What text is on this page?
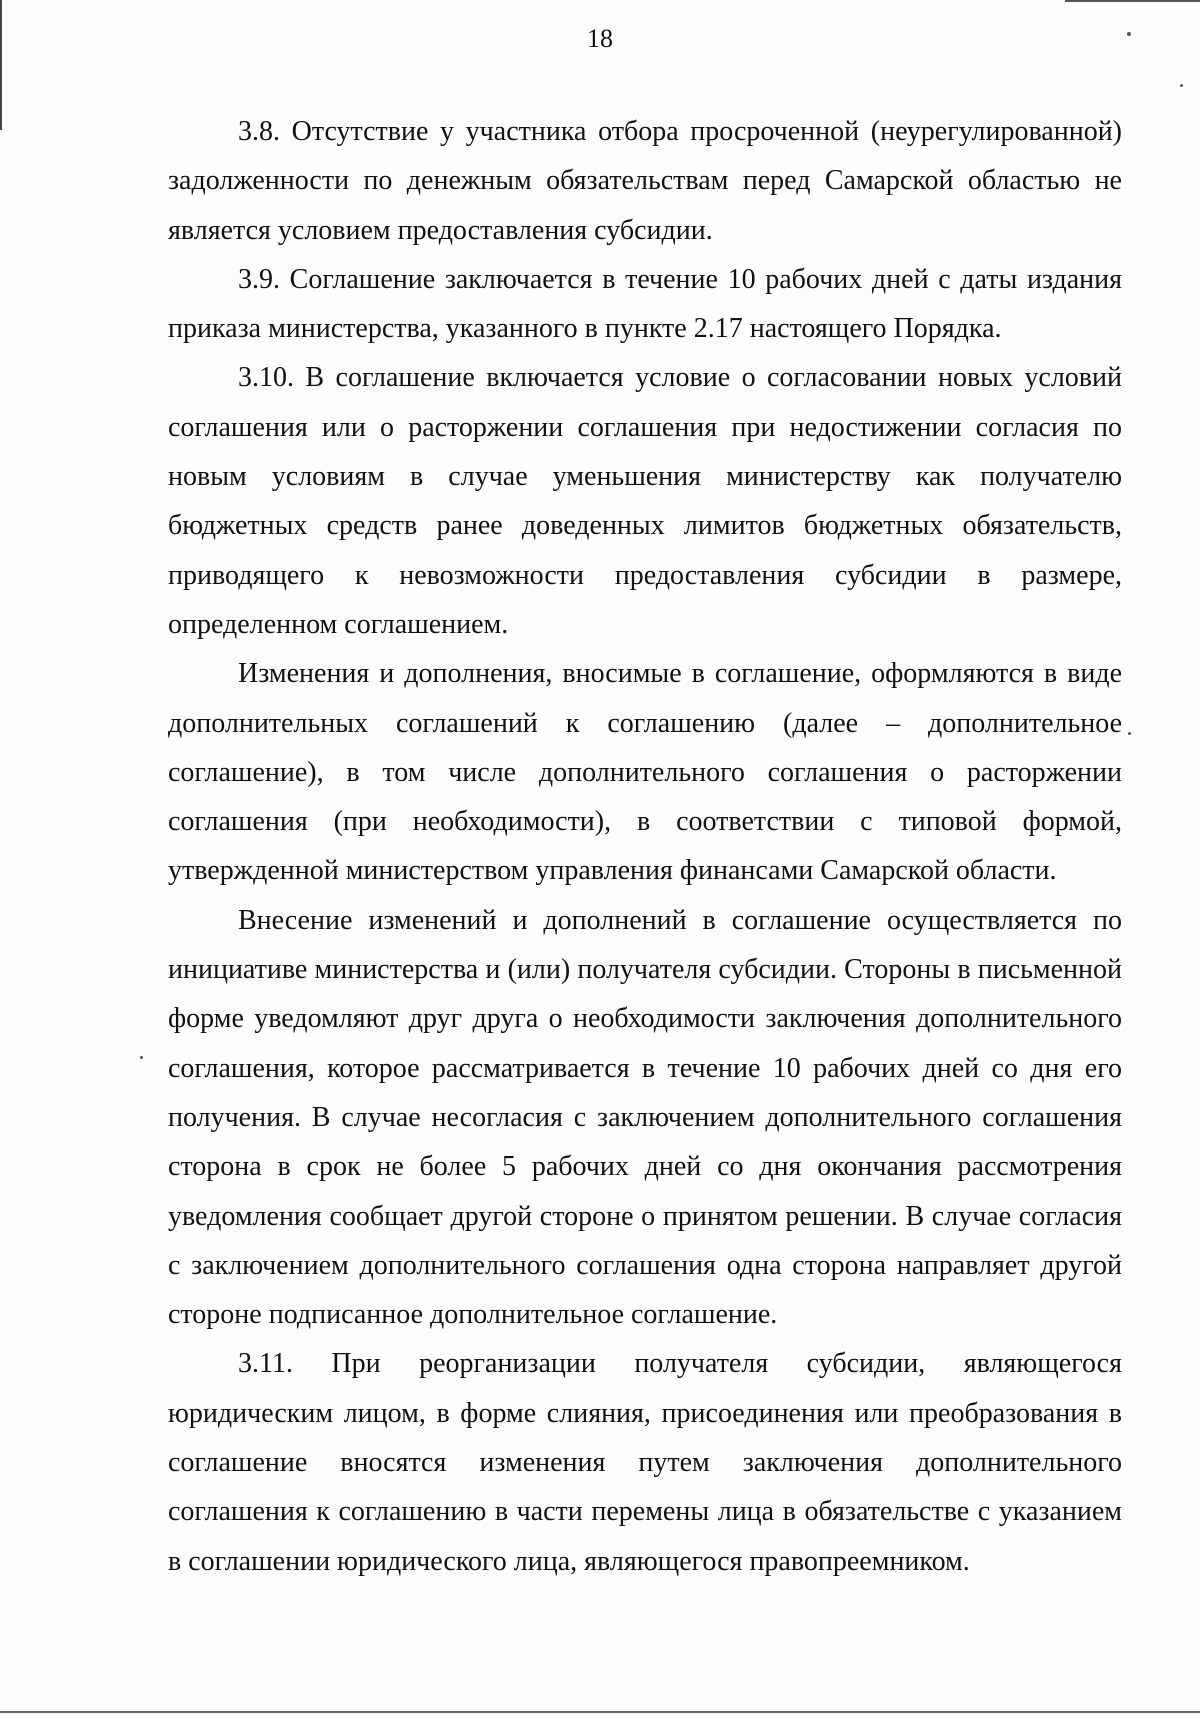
18

3.8. Отсутствие у участника отбора просроченной (неурегулированной) задолженности по денежным обязательствам перед Самарской областью не является условием предоставления субсидии.

3.9. Соглашение заключается в течение 10 рабочих дней с даты издания приказа министерства, указанного в пункте 2.17 настоящего Порядка.

3.10. В соглашение включается условие о согласовании новых условий соглашения или о расторжении соглашения при недостижении согласия по новым условиям в случае уменьшения министерству как получателю бюджетных средств ранее доведенных лимитов бюджетных обязательств, приводящего к невозможности предоставления субсидии в размере, определенном соглашением.

Изменения и дополнения, вносимые в соглашение, оформляются в виде дополнительных соглашений к соглашению (далее – дополнительное соглашение), в том числе дополнительного соглашения о расторжении соглашения (при необходимости), в соответствии с типовой формой, утвержденной министерством управления финансами Самарской области.

Внесение изменений и дополнений в соглашение осуществляется по инициативе министерства и (или) получателя субсидии. Стороны в письменной форме уведомляют друг друга о необходимости заключения дополнительного соглашения, которое рассматривается в течение 10 рабочих дней со дня его получения. В случае несогласия с заключением дополнительного соглашения сторона в срок не более 5 рабочих дней со дня окончания рассмотрения уведомления сообщает другой стороне о принятом решении. В случае согласия с заключением дополнительного соглашения одна сторона направляет другой стороне подписанное дополнительное соглашение.

3.11. При реорганизации получателя субсидии, являющегося юридическим лицом, в форме слияния, присоединения или преобразования в соглашение вносятся изменения путем заключения дополнительного соглашения к соглашению в части перемены лица в обязательстве с указанием в соглашении юридического лица, являющегося правопреемником.
